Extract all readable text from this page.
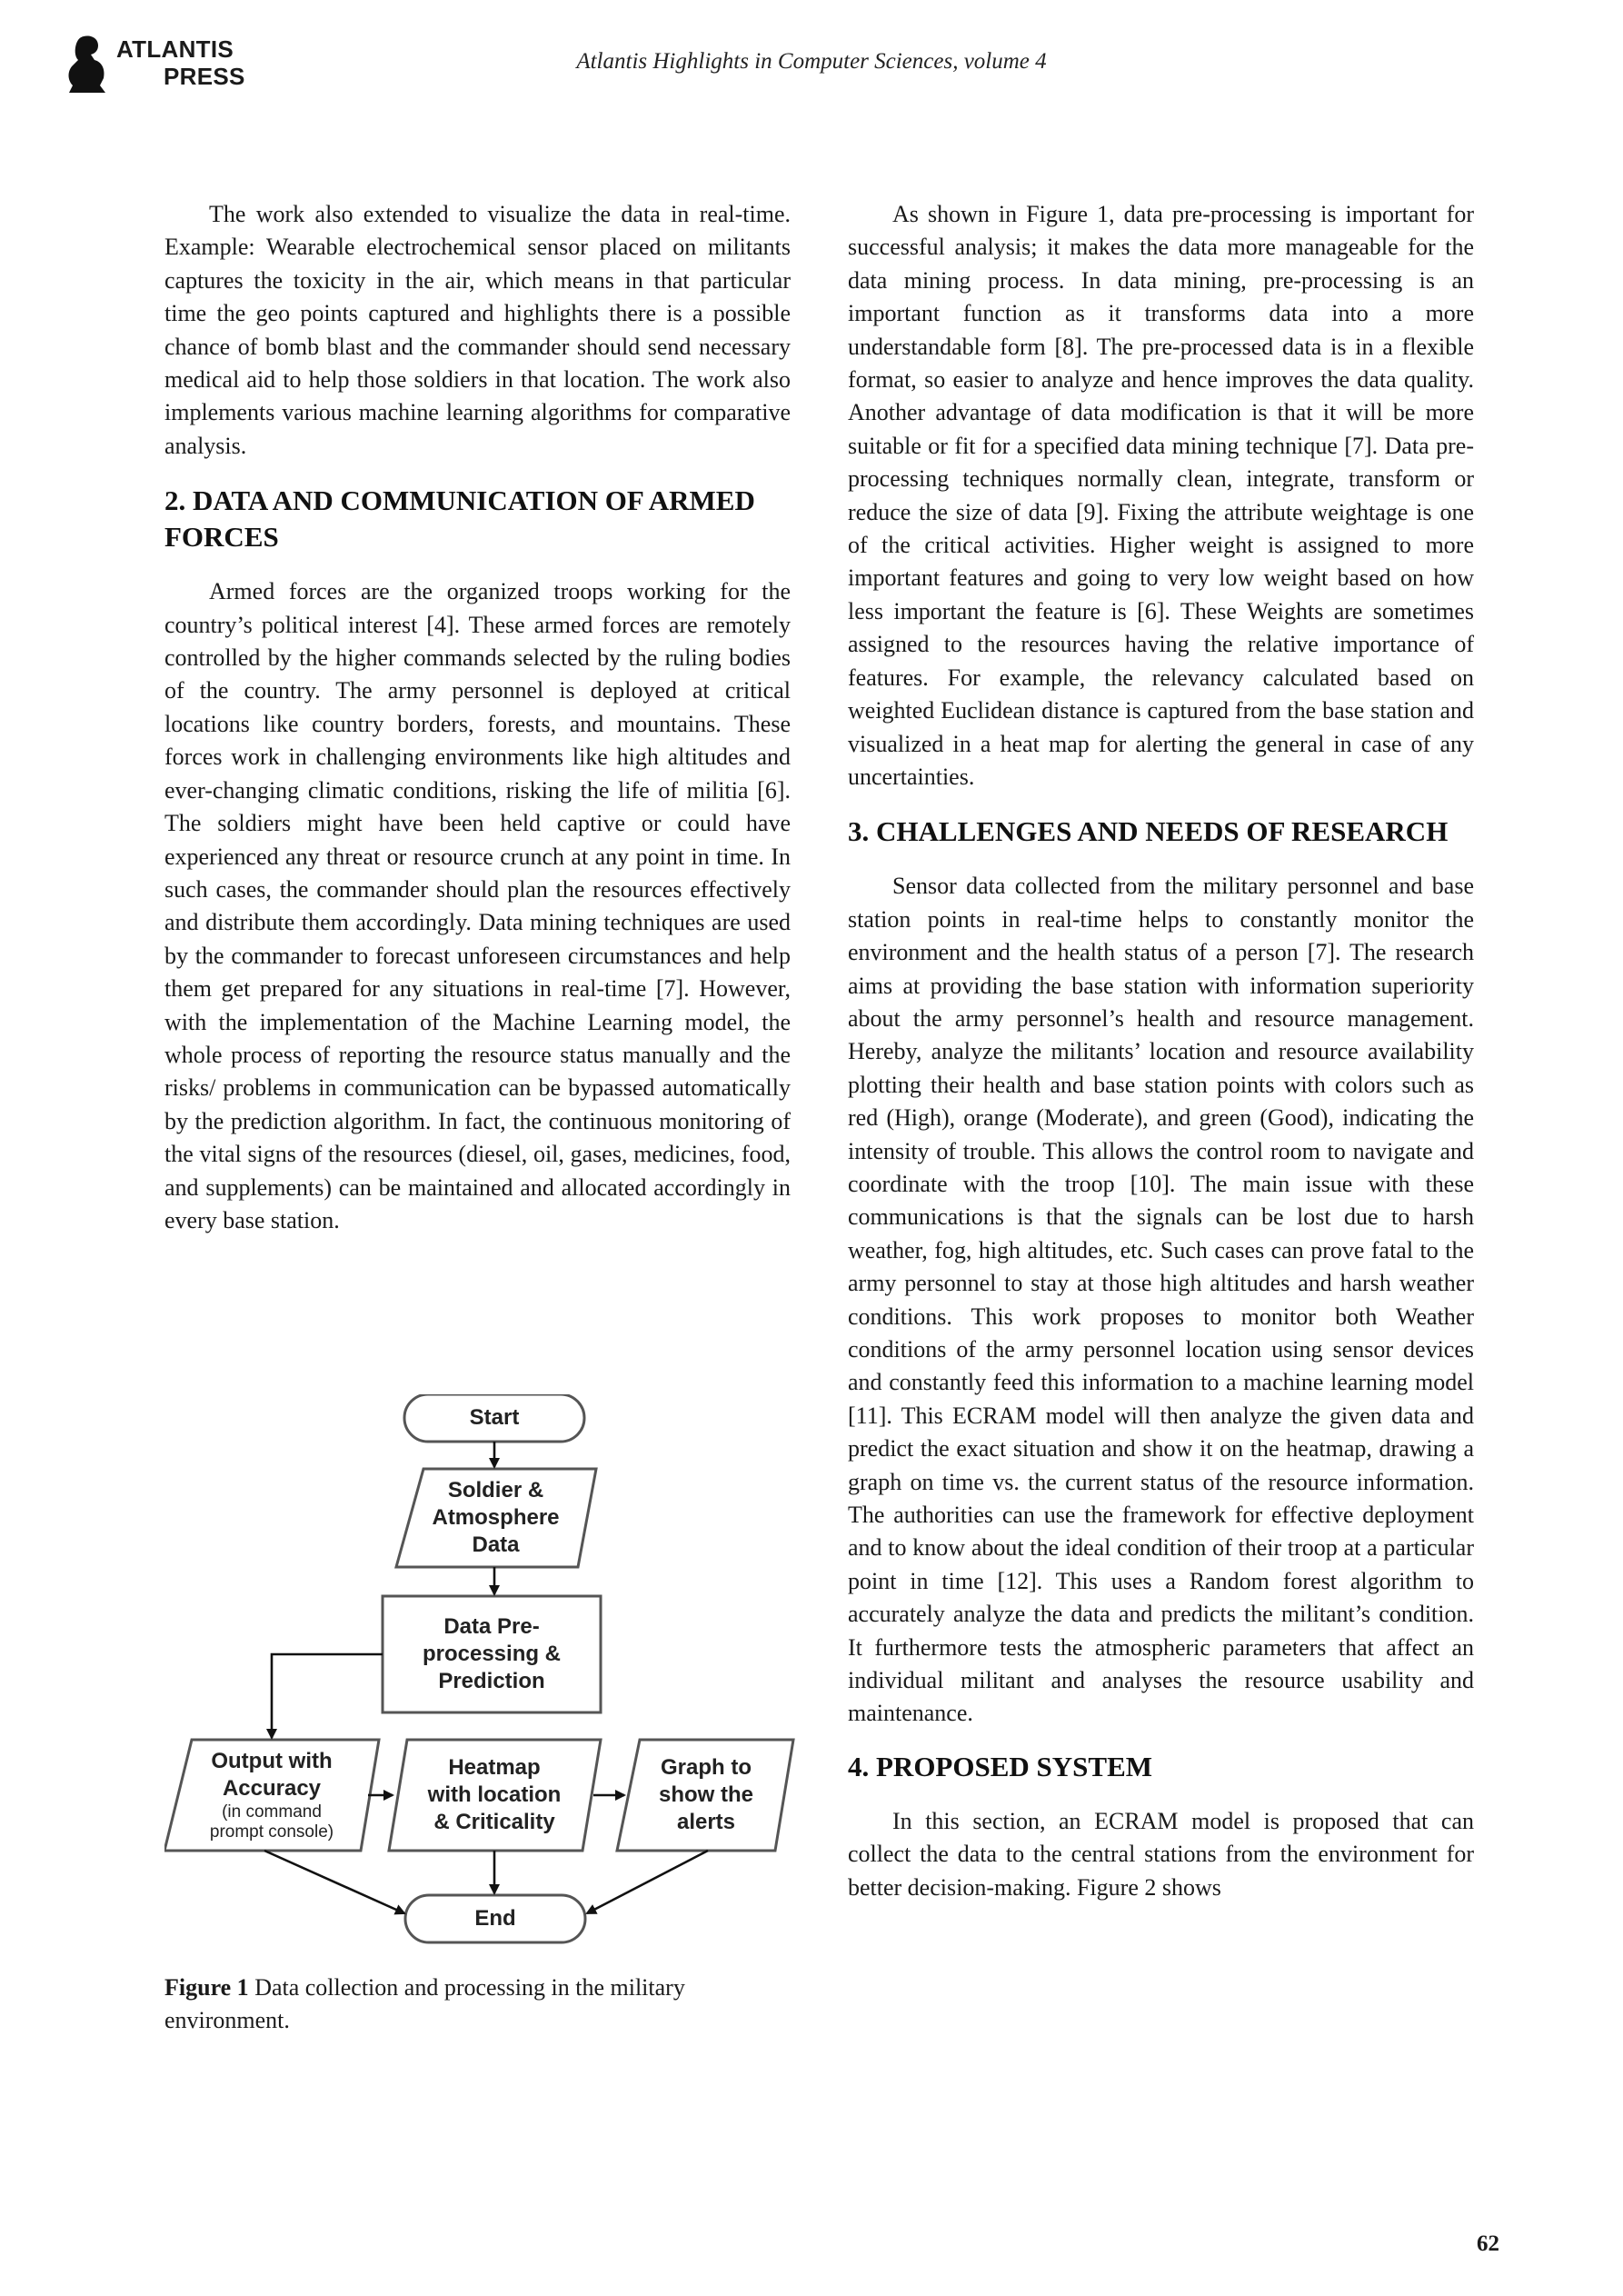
ATLANTIS
PRESS
Atlantis Highlights in Computer Sciences, volume 4

The work also extended to visualize the data in real-time. Example: Wearable electrochemical sensor placed on militants captures the toxicity in the air, which means in that particular time the geo points captured and highlights there is a possible chance of bomb blast and the commander should send necessary medical aid to help those soldiers in that location. The work also implements various machine learning algorithms for comparative analysis.

2. DATA AND COMMUNICATION OF ARMED FORCES

Armed forces are the organized troops working for the country’s political interest [4]. These armed forces are remotely controlled by the higher commands selected by the ruling bodies of the country. The army personnel is deployed at critical locations like country borders, forests, and mountains. These forces work in challenging environments like high altitudes and ever-changing climatic conditions, risking the life of militia [6]. The soldiers might have been held captive or could have experienced any threat or resource crunch at any point in time. In such cases, the commander should plan the resources effectively and distribute them accordingly. Data mining techniques are used by the commander to forecast unforeseen circumstances and help them get prepared for any situations in real-time [7]. However, with the implementation of the Machine Learning model, the whole process of reporting the resource status manually and the risks/ problems in communication can be bypassed automatically by the prediction algorithm. In fact, the continuous monitoring of the vital signs of the resources (diesel, oil, gases, medicines, food, and supplements) can be maintained and allocated accordingly in every base station.

Start
Soldier &
Atmosphere
Data
Data Pre-
processing &
Prediction
Output with
Accuracy
(in command
prompt console)
Heatmap
with location
& Criticality
Graph to
show the
alerts
End
Figure 1 Data collection and processing in the military environment.

As shown in Figure 1, data pre-processing is important for successful analysis; it makes the data more manageable for the data mining process. In data mining, pre-processing is an important function as it transforms data into a more understandable form [8]. The pre-processed data is in a flexible format, so easier to analyze and hence improves the data quality. Another advantage of data modification is that it will be more suitable or fit for a specified data mining technique [7]. Data pre-processing techniques normally clean, integrate, transform or reduce the size of data [9]. Fixing the attribute weightage is one of the critical activities. Higher weight is assigned to more important features and going to very low weight based on how less important the feature is [6]. These Weights are sometimes assigned to the resources having the relative importance of features. For example, the relevancy calculated based on weighted Euclidean distance is captured from the base station and visualized in a heat map for alerting the general in case of any uncertainties.

3. CHALLENGES AND NEEDS OF RESEARCH

Sensor data collected from the military personnel and base station points in real-time helps to constantly monitor the environment and the health status of a person [7]. The research aims at providing the base station with information superiority about the army personnel’s health and resource management. Hereby, analyze the militants’ location and resource availability plotting their health and base station points with colors such as red (High), orange (Moderate), and green (Good), indicating the intensity of trouble. This allows the control room to navigate and coordinate with the troop [10]. The main issue with these communications is that the signals can be lost due to harsh weather, fog, high altitudes, etc. Such cases can prove fatal to the army personnel to stay at those high altitudes and harsh weather conditions. This work proposes to monitor both Weather conditions of the army personnel location using sensor devices and constantly feed this information to a machine learning model [11]. This ECRAM model will then analyze the given data and predict the exact situation and show it on the heatmap, drawing a graph on time vs. the current status of the resource information. The authorities can use the framework for effective deployment and to know about the ideal condition of their troop at a particular point in time [12]. This uses a Random forest algorithm to accurately analyze the data and predicts the militant’s condition. It furthermore tests the atmospheric parameters that affect an individual militant and analyses the resource usability and maintenance.

4. PROPOSED SYSTEM

In this section, an ECRAM model is proposed that can collect the data to the central stations from the environment for better decision-making. Figure 2 shows

62
